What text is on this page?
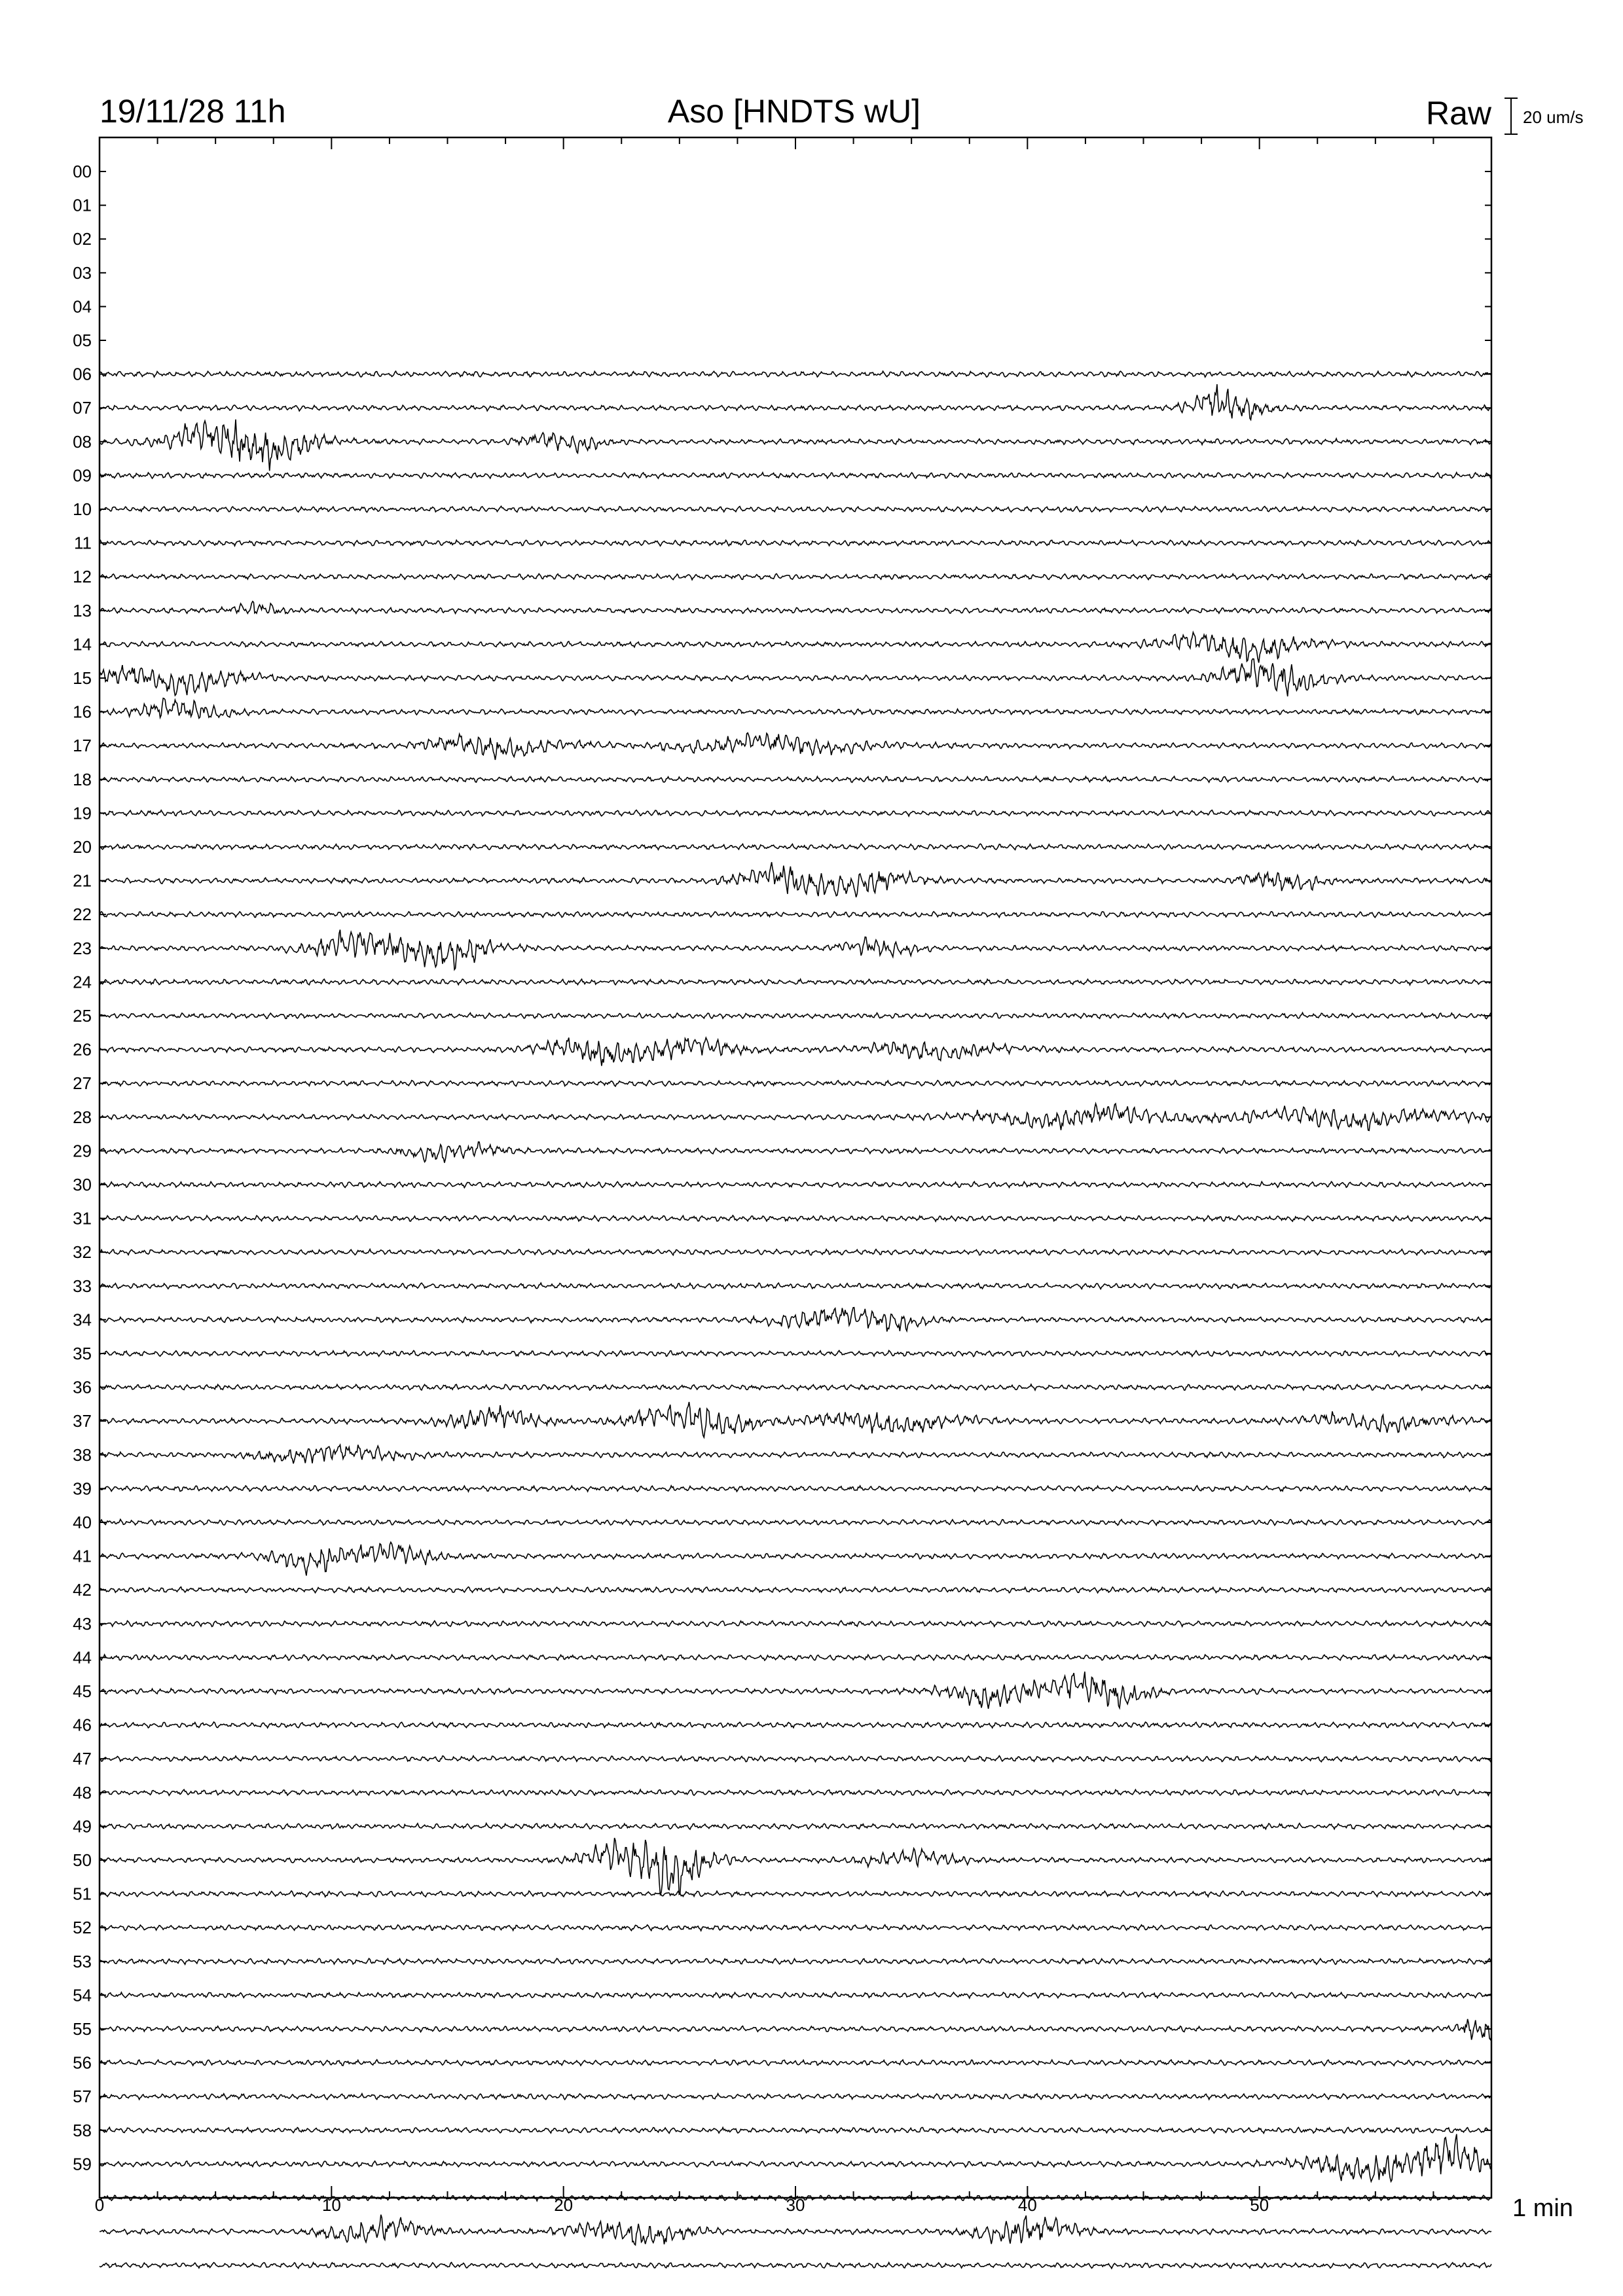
19/11/28 11h	Aso [HNDTS wU]	Raw 20 um/s
00
01
02
03
04
05
06
07
08
09
10
11
12
13
14
15
16
17
18
19
20
21
22
23
24
25
26
27
28
29
30
31
32
33
34
35
36
37
38
39
40
41
42
43
44
45
46
47
48
49
50
51
52
53
54
55
56
57
58
59
0	10	20	30	40	50	1 min
